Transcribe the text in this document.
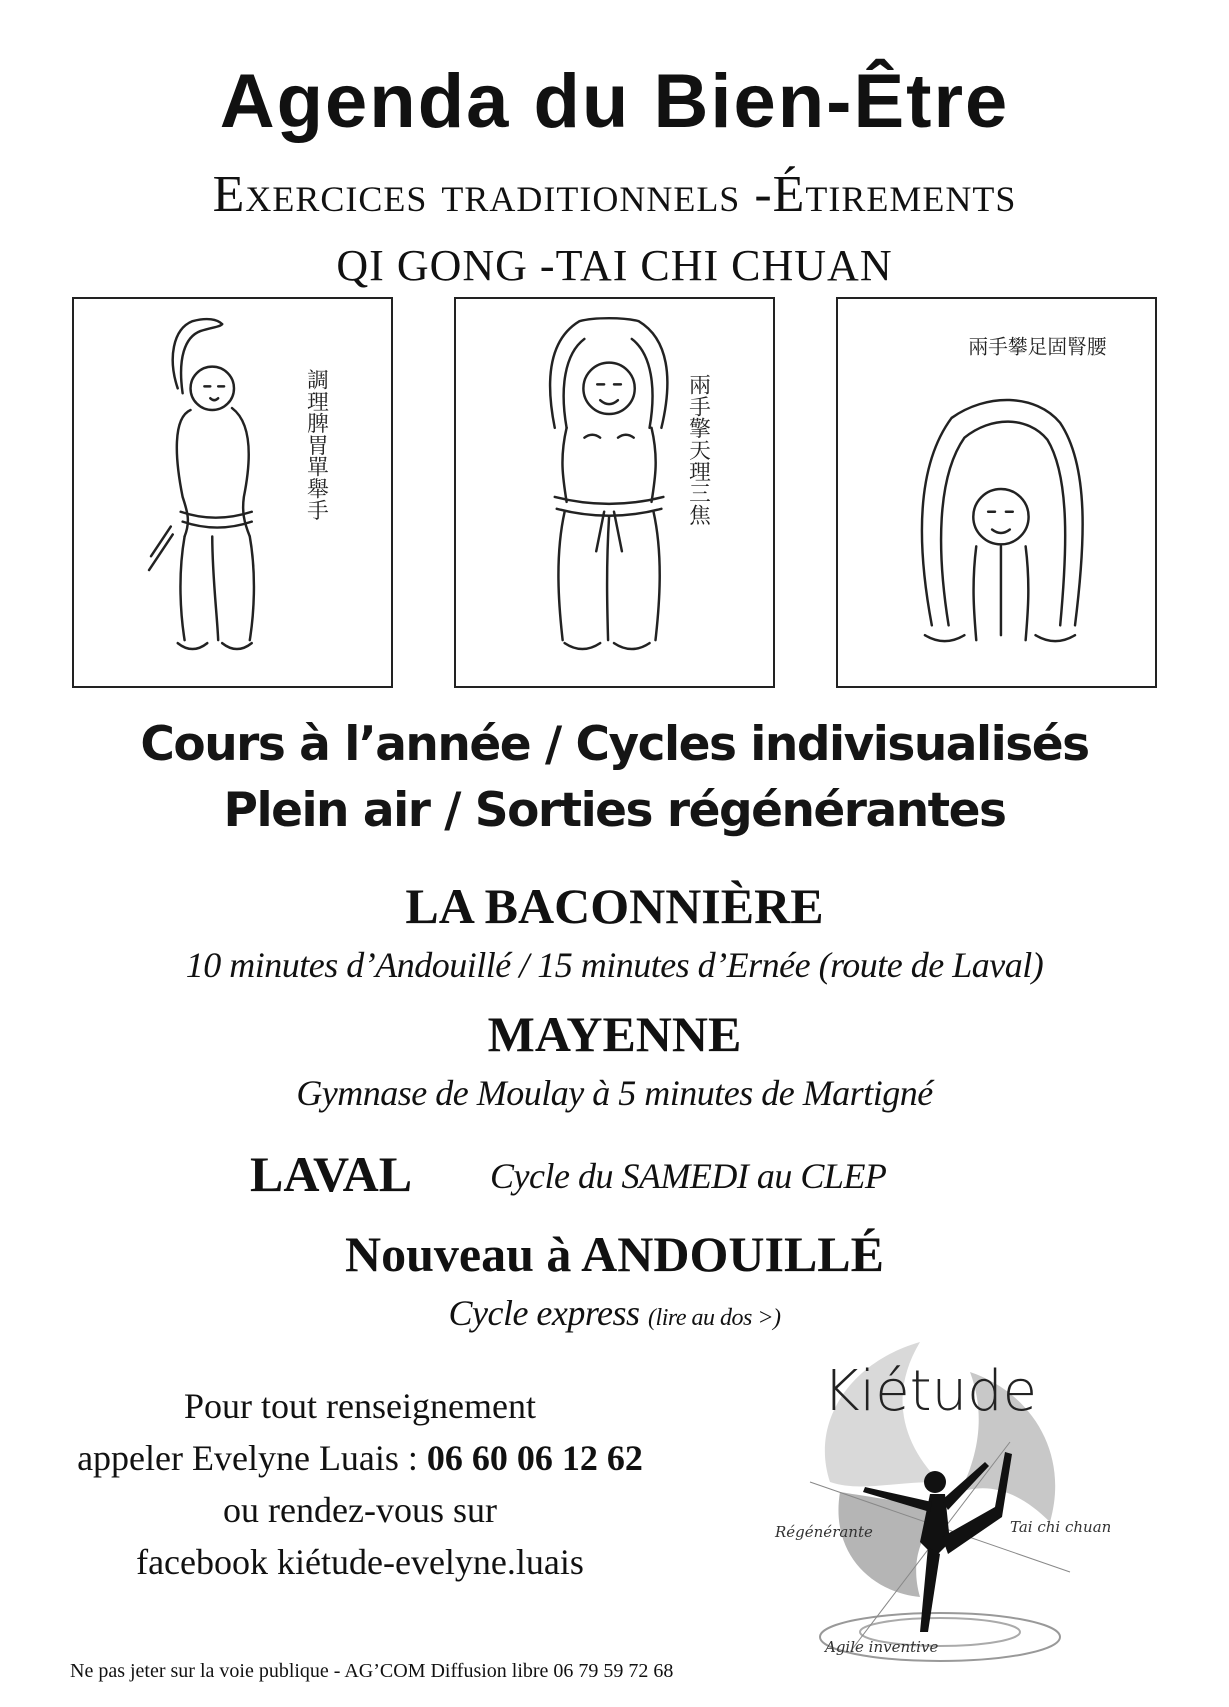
Agenda du Bien-Être
Exercices traditionnels -Étirements
QI GONG -TAI CHI CHUAN
調理脾胃單舉手	兩手擎天理三焦
兩手攀足固腎腰
Cours à l’année / Cycles indivisualisés
Plein air / Sorties régénérantes
LA BACONNIÈRE
10 minutes d’Andouillé / 15 minutes d’Ernée (route de Laval)
MAYENNE
Gymnase de Moulay à 5 minutes de Martigné
LAVAL Cycle du SAMEDI au CLEP
Nouveau à ANDOUILLÉ
Cycle express (lire au dos >)
Pour tout renseignement
appeler Evelyne Luais : 06 60 06 12 62
ou rendez-vous sur
facebook kiétude-evelyne.luais
Kiétude
Régénérante	Tai chi chuan
Agile inventive
Ne pas jeter sur la voie publique - AG’COM Diffusion libre 06 79 59 72 68
